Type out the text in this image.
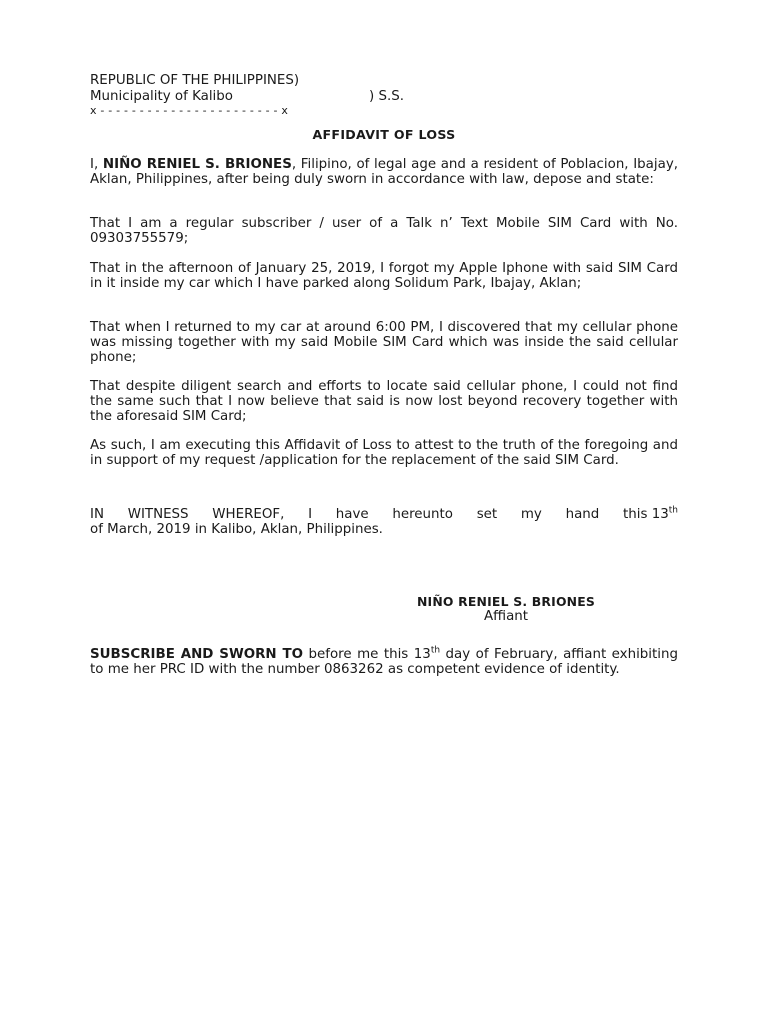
REPUBLIC OF THE PHILIPPINES)
Municipality of Kalibo	) S.S.
x - - - - - - - - - - - - - - - - - - - - - - - x
AFFIDAVIT OF LOSS
I, NIÑO RENIEL S. BRIONES, Filipino, of legal age and a resident of Poblacion, Ibajay, Aklan, Philippines, after being duly sworn in accordance with law, depose and state:
That I am a regular subscriber / user of a Talk n’ Text Mobile SIM Card with No. 09303755579;
That in the afternoon of January 25, 2019, I forgot my Apple Iphone with said SIM Card in it inside my car which I have parked along Solidum Park, Ibajay, Aklan;
That when I returned to my car at around 6:00 PM, I discovered that my cellular phone was missing together with my said Mobile SIM Card which was inside the said cellular phone;
That despite diligent search and efforts to locate said cellular phone, I could not find the same such that I now believe that said is now lost beyond recovery together with the aforesaid SIM Card;
As such, I am executing this Affidavit of Loss to attest to the truth of the foregoing and in support of my request /application for the replacement of the said SIM Card.
IN WITNESS WHEREOF, I have hereunto set my hand this 13th
of March, 2019 in Kalibo, Aklan, Philippines.
NIÑO RENIEL S. BRIONES
Affiant
SUBSCRIBE AND SWORN TO before me this 13th day of February, affiant exhibiting to me her PRC ID with the number 0863262 as competent evidence of identity.
